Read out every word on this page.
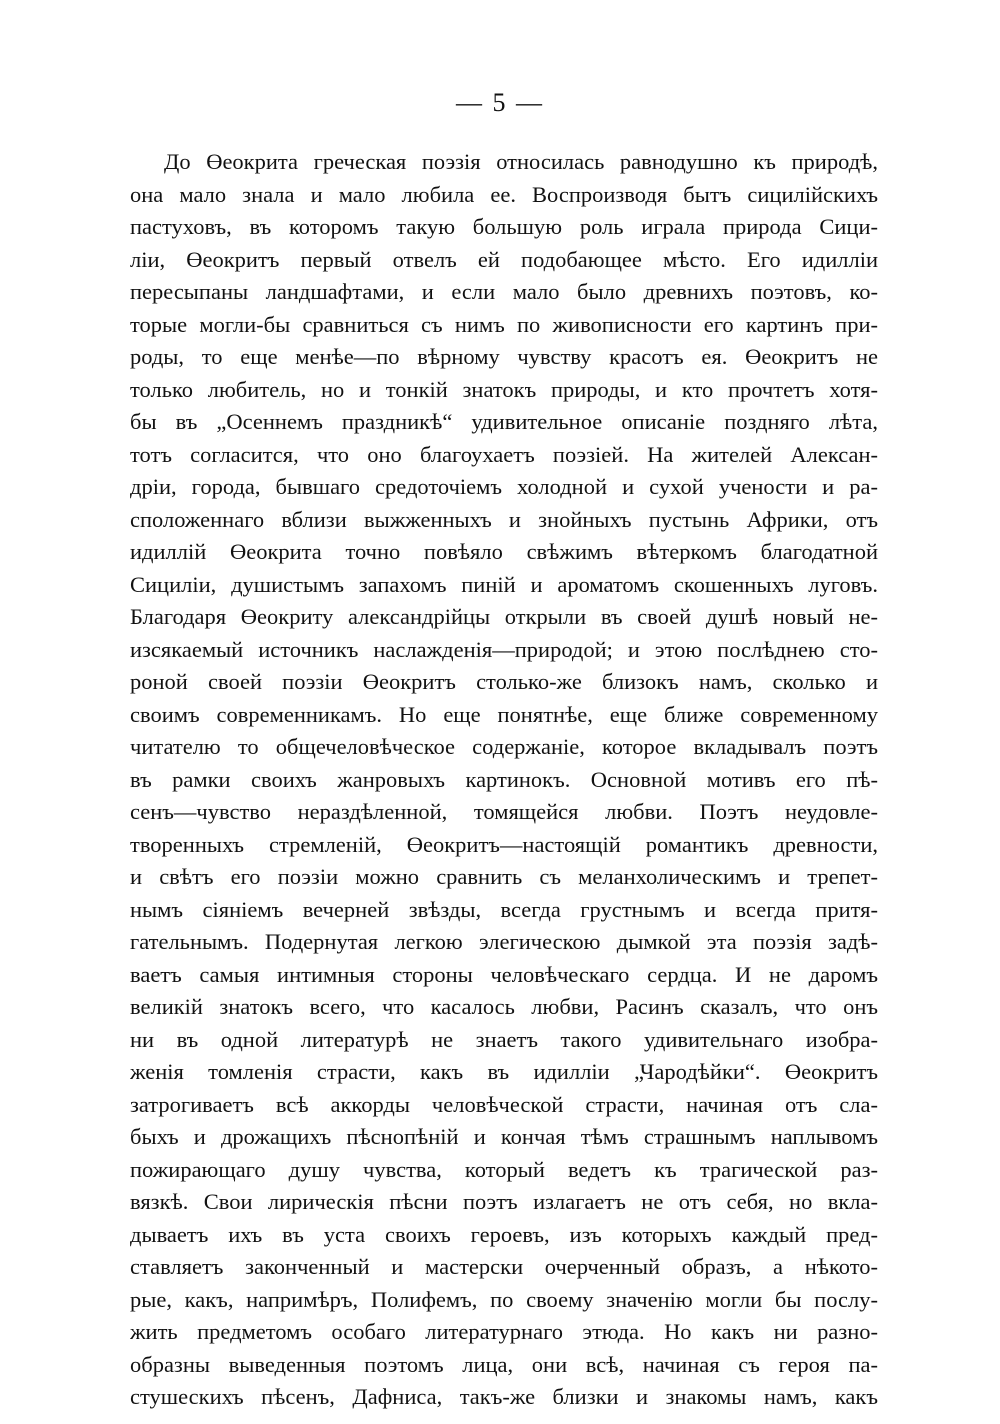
— 5 —
До Өеокрита греческая поэзія относилась равнодушно къ природѣ,
она мало знала и мало любила ее. Воспроизводя бытъ сицилійскихъ
пастуховъ, въ которомъ такую большую роль играла природа Сици-
ліи, Өеокритъ первый отвелъ ей подобающее мѣсто. Его идилліи
пересыпаны ландшафтами, и если мало было древнихъ поэтовъ, ко-
торые могли-бы сравниться съ нимъ по живописности его картинъ при-
роды, то еще менѣе—по вѣрному чувству красотъ ея. Өеокритъ не
только любитель, но и тонкій знатокъ природы, и кто прочтетъ хотя-
бы въ „Осеннемъ праздникѣ“ удивительное описаніе поздняго лѣта,
тотъ согласится, что оно благоухаетъ поэзіей. На жителей Алексан-
дріи, города, бывшаго средоточіемъ холодной и сухой учености и ра-
сположеннаго вблизи выжженныхъ и знойныхъ пустынь Африки, отъ
идиллій Өеокрита точно повѣяло свѣжимъ вѣтеркомъ благодатной
Сициліи, душистымъ запахомъ пиній и ароматомъ скошенныхъ луговъ.
Благодаря Өеокриту александрійцы открыли въ своей душѣ новый не-
изсякаемый источникъ наслажденія—природой; и этою послѣднею сто-
роной своей поэзіи Өеокритъ столько-же близокъ намъ, сколько и
своимъ современникамъ. Но еще понятнѣе, еще ближе современному
читателю то общечеловѣческое содержаніе, которое вкладывалъ поэтъ
въ рамки своихъ жанровыхъ картинокъ. Основной мотивъ его пѣ-
сенъ—чувство нераздѣленной, томящейся любви. Поэтъ неудовле-
творенныхъ стремленій, Өеокритъ—настоящій романтикъ древности,
и свѣтъ его поэзіи можно сравнить съ меланхолическимъ и трепет-
нымъ сіяніемъ вечерней звѣзды, всегда грустнымъ и всегда притя-
гательнымъ. Подернутая легкою элегическою дымкой эта поэзія задѣ-
ваетъ самыя интимныя стороны человѣческаго сердца. И не даромъ
великій знатокъ всего, что касалось любви, Расинъ сказалъ, что онъ
ни въ одной литературѣ не знаетъ такого удивительнаго изобра-
женія томленія страсти, какъ въ идилліи „Чародѣйки“. Өеокритъ
затрогиваетъ всѣ аккорды человѣческой страсти, начиная отъ сла-
быхъ и дрожащихъ пѣснопѣній и кончая тѣмъ страшнымъ наплывомъ
пожирающаго душу чувства, который ведетъ къ трагической раз-
вязкѣ. Свои лирическія пѣсни поэтъ излагаетъ не отъ себя, но вкла-
дываетъ ихъ въ уста своихъ героевъ, изъ которыхъ каждый пред-
ставляетъ законченный и мастерски очерченный образъ, а нѣкото-
рые, какъ, напримѣръ, Полифемъ, по своему значенію могли бы послу-
жить предметомъ особаго литературнаго этюда. Но какъ ни разно-
образны выведенныя поэтомъ лица, они всѣ, начиная съ героя па-
стушескихъ пѣсенъ, Дафниса, такъ-же близки и знакомы намъ, какъ
